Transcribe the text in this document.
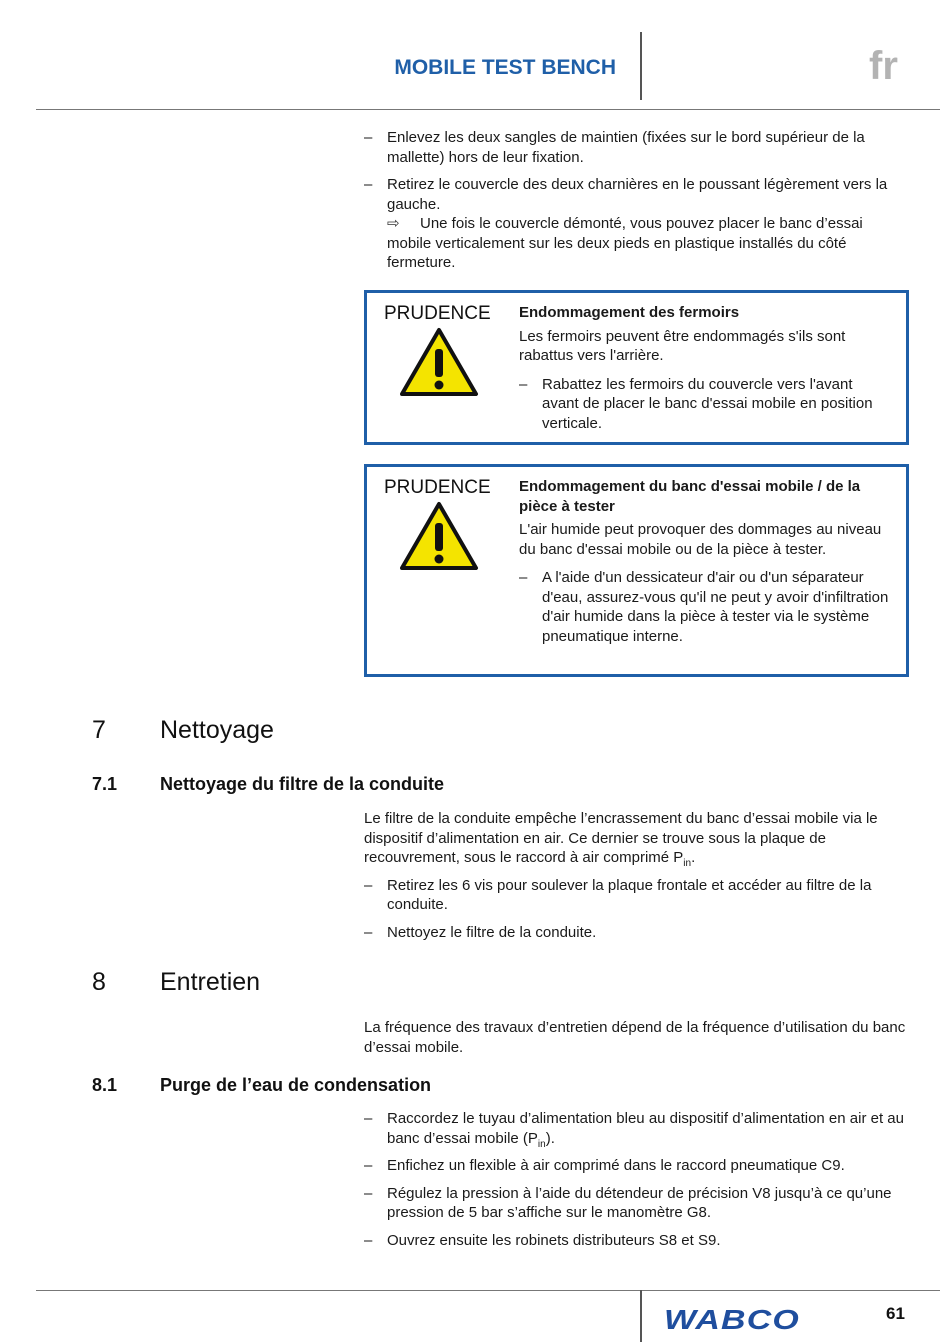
MOBILE TEST BENCH	fr
– Enlevez les deux sangles de maintien (fixées sur le bord supérieur de la mallette) hors de leur fixation.
– Retirez le couvercle des deux charnières en le poussant légèrement vers la gauche.
⇨ Une fois le couvercle démonté, vous pouvez placer le banc d’essai mobile verticalement sur les deux pieds en plastique installés du côté fermeture.
PRUDENCE Endommagement des fermoirs
Les fermoirs peuvent être endommagés s'ils sont rabattus vers l'arrière.
– Rabattez les fermoirs du couvercle vers l'avant avant de placer le banc d'essai mobile en position verticale.
PRUDENCE Endommagement du banc d'essai mobile / de la pièce à tester
L'air humide peut provoquer des dommages au niveau du banc d'essai mobile ou de la pièce à tester.
– A l'aide d'un dessicateur d'air ou d'un séparateur d'eau, assurez-vous qu'il ne peut y avoir d'infiltration d'air humide dans la pièce à tester via le système pneumatique interne.
7	Nettoyage
7.1 Nettoyage du filtre de la conduite
Le filtre de la conduite empêche l’encrassement du banc d’essai mobile via le dispositif d’alimentation en air. Ce dernier se trouve sous la plaque de recouvrement, sous le raccord à air comprimé $P_{in}$.
– Retirez les 6 vis pour soulever la plaque frontale et accéder au filtre de la conduite.
– Nettoyez le filtre de la conduite.
8	Entretien
La fréquence des travaux d’entretien dépend de la fréquence d’utilisation du banc d’essai mobile.
8.1 Purge de l’eau de condensation
– Raccordez le tuyau d’alimentation bleu au dispositif d’alimentation en air et au banc d’essai mobile $(P_{in})$.
– Enfichez un flexible à air comprimé dans le raccord pneumatique C9.
– Régulez la pression à l’aide du détendeur de précision V8 jusqu’à ce qu’une pression de 5 bar s’affiche sur le manomètre G8.
– Ouvrez ensuite les robinets distributeurs S8 et S9.
WABCO	61
